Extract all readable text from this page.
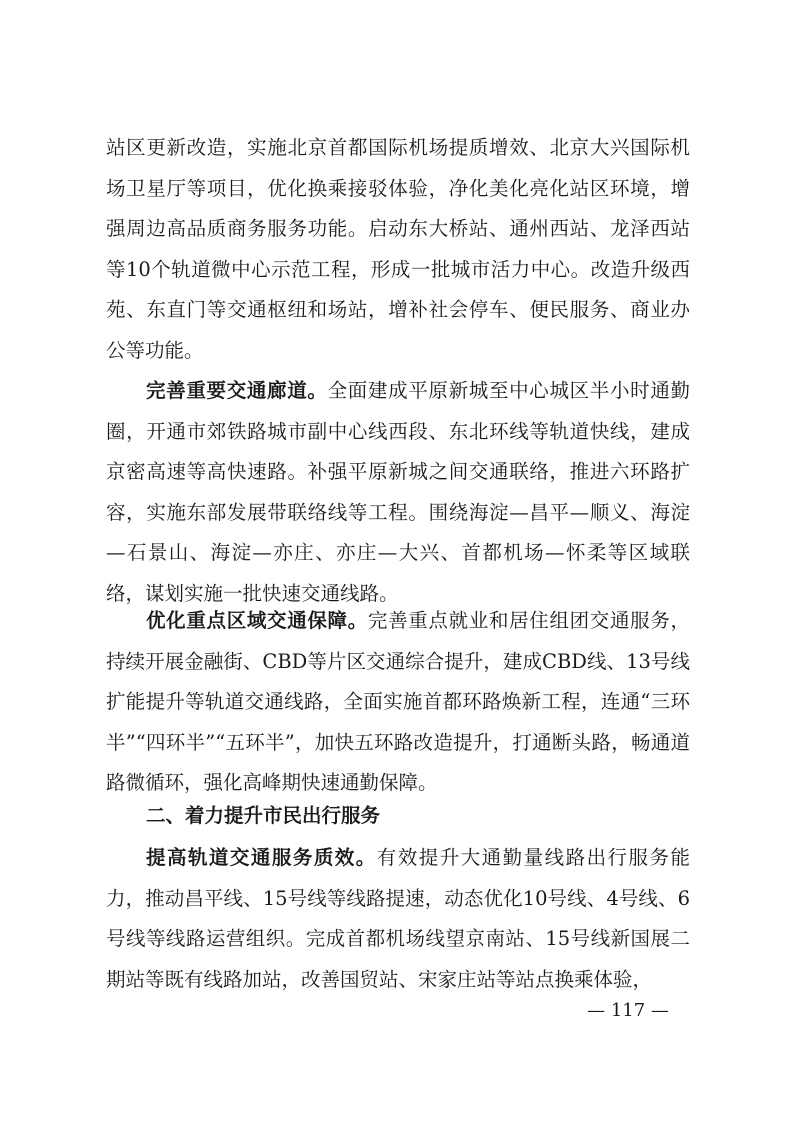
站区更新改造，实施北京首都国际机场提质增效、北京大兴国际机场卫星厅等项目，优化换乘接驳体验，净化美化亮化站区环境，增强周边高品质商务服务功能。启动东大桥站、通州西站、龙泽西站等10个轨道微中心示范工程，形成一批城市活力中心。改造升级西苑、东直门等交通枢纽和场站，增补社会停车、便民服务、商业办公等功能。

完善重要交通廊道。全面建成平原新城至中心城区半小时通勤圈，开通市郊铁路城市副中心线西段、东北环线等轨道快线，建成京密高速等高快速路。补强平原新城之间交通联络，推进六环路扩容，实施东部发展带联络线等工程。围绕海淀—昌平—顺义、海淀—石景山、海淀—亦庄、亦庄—大兴、首都机场—怀柔等区域联络，谋划实施一批快速交通线路。

优化重点区域交通保障。完善重点就业和居住组团交通服务，持续开展金融街、CBD等片区交通综合提升，建成CBD线、13号线扩能提升等轨道交通线路，全面实施首都环路焕新工程，连通“三环半”“四环半”“五环半”，加快五环路改造提升，打通断头路，畅通道路微循环，强化高峰期快速通勤保障。

二、着力提升市民出行服务

提高轨道交通服务质效。有效提升大通勤量线路出行服务能力，推动昌平线、15号线等线路提速，动态优化10号线、4号线、6号线等线路运营组织。完成首都机场线望京南站、15号线新国展二期站等既有线路加站，改善国贸站、宋家庄站等站点换乘体验，

— 117 —
